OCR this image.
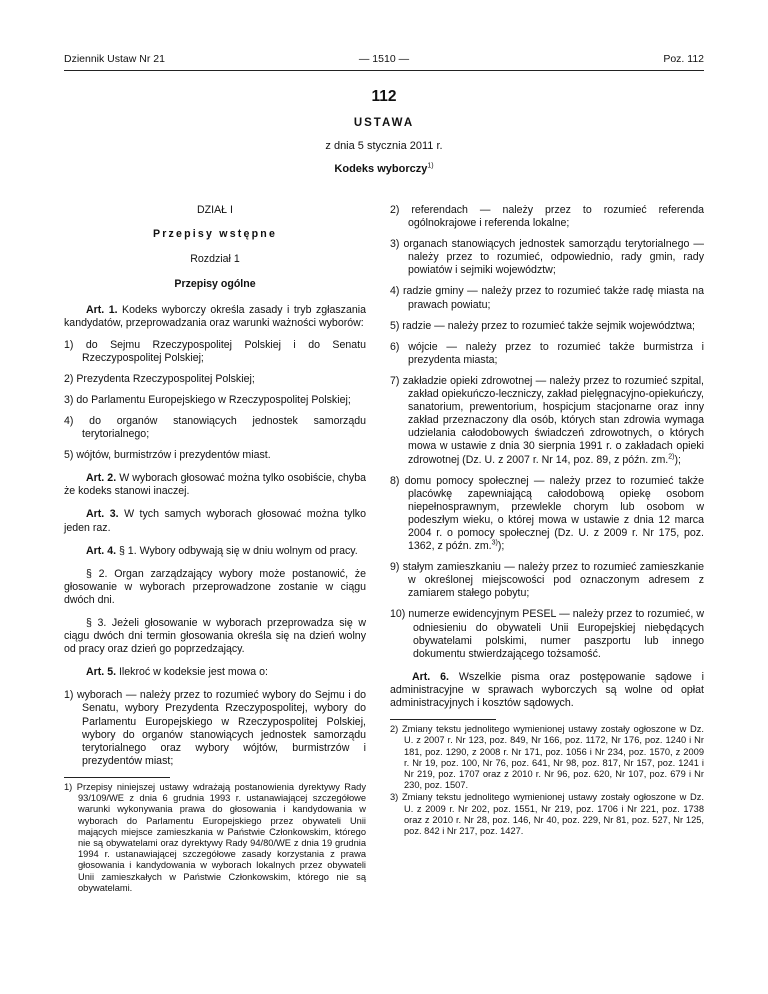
Dziennik Ustaw Nr 21	— 1510 —	Poz. 112
112
USTAWA
z dnia 5 stycznia 2011 r.
Kodeks wyborczy$^{1)}$

DZIAŁ I

Przepisy wstępne

Rozdział 1

Przepisy ogólne

Art. 1. Kodeks wyborczy określa zasady i tryb zgłaszania kandydatów, przeprowadzania oraz warunki ważności wyborów:

1) do Sejmu Rzeczypospolitej Polskiej i do Senatu Rzeczypospolitej Polskiej;

2) Prezydenta Rzeczypospolitej Polskiej;

3) do Parlamentu Europejskiego w Rzeczypospolitej Polskiej;

4) do organów stanowiących jednostek samorządu terytorialnego;

5) wójtów, burmistrzów i prezydentów miast.

Art. 2. W wyborach głosować można tylko osobiście, chyba że kodeks stanowi inaczej.

Art. 3. W tych samych wyborach głosować można tylko jeden raz.

Art. 4. § 1. Wybory odbywają się w dniu wolnym od pracy.

§ 2. Organ zarządzający wybory może postanowić, że głosowanie w wyborach przeprowadzone zostanie w ciągu dwóch dni.

§ 3. Jeżeli głosowanie w wyborach przeprowadza się w ciągu dwóch dni termin głosowania określa się na dzień wolny od pracy oraz dzień go poprzedzający.

Art. 5. Ilekroć w kodeksie jest mowa o:

1) wyborach — należy przez to rozumieć wybory do Sejmu i do Senatu, wybory Prezydenta Rzeczypospolitej, wybory do Parlamentu Europejskiego w Rzeczypospolitej Polskiej, wybory do organów stanowiących jednostek samorządu terytorialnego oraz wybory wójtów, burmistrzów i prezydentów miast;

1) Przepisy niniejszej ustawy wdrażają postanowienia dyrektywy Rady 93/109/WE z dnia 6 grudnia 1993 r. ustanawiającej szczegółowe warunki wykonywania prawa do głosowania i kandydowania w wyborach do Parlamentu Europejskiego przez obywateli Unii mających miejsce zamieszkania w Państwie Członkowskim, którego nie są obywatelami oraz dyrektywy Rady 94/80/WE z dnia 19 grudnia 1994 r. ustanawiającej szczegółowe zasady korzystania z prawa głosowania i kandydowania w wyborach lokalnych przez obywateli Unii zamieszkałych w Państwie Członkowskim, którego nie są obywatelami.

2) referendach — należy przez to rozumieć referenda ogólnokrajowe i referenda lokalne;

3) organach stanowiących jednostek samorządu terytorialnego — należy przez to rozumieć, odpowiednio, rady gmin, rady powiatów i sejmiki województw;

4) radzie gminy — należy przez to rozumieć także radę miasta na prawach powiatu;

5) radzie — należy przez to rozumieć także sejmik województwa;

6) wójcie — należy przez to rozumieć także burmistrza i prezydenta miasta;

7) zakładzie opieki zdrowotnej — należy przez to rozumieć szpital, zakład opiekuńczo-leczniczy, zakład pielęgnacyjno-opiekuńczy, sanatorium, prewentorium, hospicjum stacjonarne oraz inny zakład przeznaczony dla osób, których stan zdrowia wymaga udzielania całodobowych świadczeń zdrowotnych, o których mowa w ustawie z dnia 30 sierpnia 1991 r. o zakładach opieki zdrowotnej (Dz. U. z 2007 r. Nr 14, poz. 89, z późn. zm.$^{2)}$);

8) domu pomocy społecznej — należy przez to rozumieć także placówkę zapewniającą całodobową opiekę osobom niepełnosprawnym, przewlekle chorym lub osobom w podeszłym wieku, o której mowa w ustawie z dnia 12 marca 2004 r. o pomocy społecznej (Dz. U. z 2009 r. Nr 175, poz. 1362, z późn. zm.$^{3)}$);

9) stałym zamieszkaniu — należy przez to rozumieć zamieszkanie w określonej miejscowości pod oznaczonym adresem z zamiarem stałego pobytu;

10) numerze ewidencyjnym PESEL — należy przez to rozumieć, w odniesieniu do obywateli Unii Europejskiej niebędących obywatelami polskimi, numer paszportu lub innego dokumentu stwierdzającego tożsamość.

Art. 6. Wszelkie pisma oraz postępowanie sądowe i administracyjne w sprawach wyborczych są wolne od opłat administracyjnych i kosztów sądowych.

2) Zmiany tekstu jednolitego wymienionej ustawy zostały ogłoszone w Dz. U. z 2007 r. Nr 123, poz. 849, Nr 166, poz. 1172, Nr 176, poz. 1240 i Nr 181, poz. 1290, z 2008 r. Nr 171, poz. 1056 i Nr 234, poz. 1570, z 2009 r. Nr 19, poz. 100, Nr 76, poz. 641, Nr 98, poz. 817, Nr 157, poz. 1241 i Nr 219, poz. 1707 oraz z 2010 r. Nr 96, poz. 620, Nr 107, poz. 679 i Nr 230, poz. 1507.

3) Zmiany tekstu jednolitego wymienionej ustawy zostały ogłoszone w Dz. U. z 2009 r. Nr 202, poz. 1551, Nr 219, poz. 1706 i Nr 221, poz. 1738 oraz z 2010 r. Nr 28, poz. 146, Nr 40, poz. 229, Nr 81, poz. 527, Nr 125, poz. 842 i Nr 217, poz. 1427.
